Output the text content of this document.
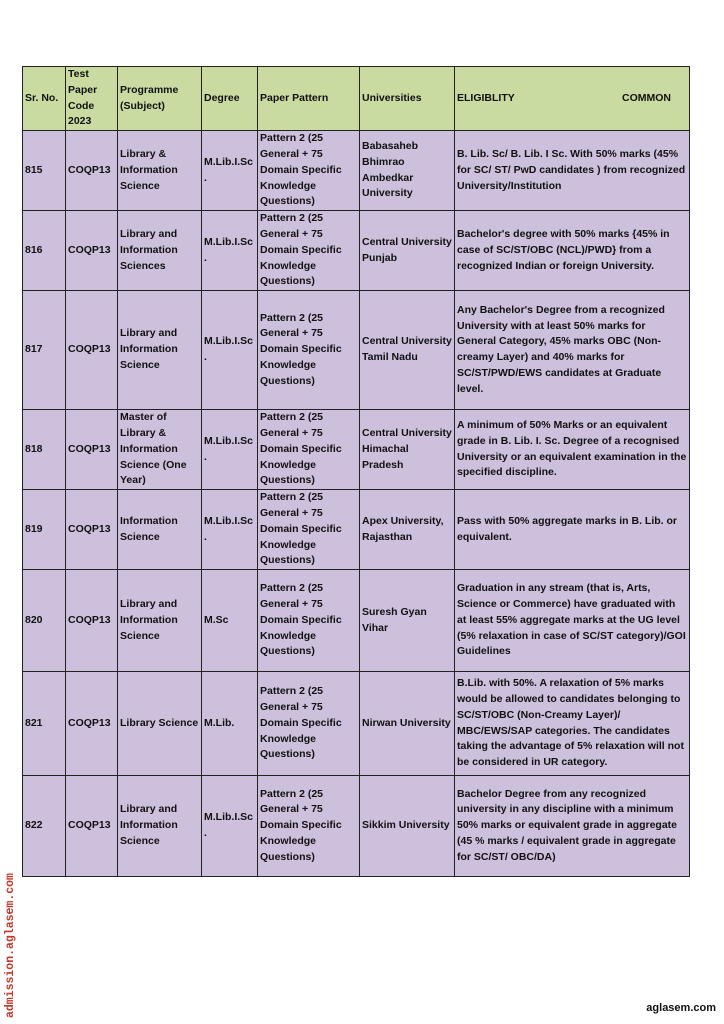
Sr. No.	Test Paper Code 2023	Programme (Subject)	Degree	Paper Pattern	Universities	ELIGIBLITY COMMON

815	COQP13	Library & Information Science	M.Lib.I.Sc .	Pattern 2 (25 General + 75 Domain Specific Knowledge Questions)	Babasaheb Bhimrao Ambedkar University	B. Lib. Sc/ B. Lib. I Sc. With 50% marks (45% for SC/ ST/ PwD candidates ) from recognized University/Institution
816	COQP13	Library and Information Sciences	M.Lib.I.Sc .	Pattern 2 (25 General + 75 Domain Specific Knowledge Questions)	Central University Punjab	Bachelor's degree with 50% marks {45% in case of SC/ST/OBC (NCL)/PWD} from a recognized Indian or foreign University.
817	COQP13	Library and Information Science	M.Lib.I.Sc .	Pattern 2 (25 General + 75 Domain Specific Knowledge Questions)	Central University Tamil Nadu	Any Bachelor's Degree from a recognized University with at least 50% marks for General Category, 45% marks OBC (Non-creamy Layer) and 40% marks for SC/ST/PWD/EWS candidates at Graduate level.
818	COQP13	Master of Library & Information Science (One Year)	M.Lib.I.Sc .	Pattern 2 (25 General + 75 Domain Specific Knowledge Questions)	Central University Himachal Pradesh	A minimum of 50% Marks or an equivalent grade in B. Lib. I. Sc. Degree of a recognised University or an equivalent examination in the specified discipline.
819	COQP13	Information Science	M.Lib.I.Sc .	Pattern 2 (25 General + 75 Domain Specific Knowledge Questions)	Apex University, Rajasthan	Pass with 50% aggregate marks in B. Lib. or equivalent.
820	COQP13	Library and Information Science	M.Sc	Pattern 2 (25 General + 75 Domain Specific Knowledge Questions)	Suresh Gyan Vihar	Graduation in any stream (that is, Arts, Science or Commerce) have graduated with at least 55% aggregate marks at the UG level (5% relaxation in case of SC/ST category)/GOI Guidelines
821	COQP13	Library Science	M.Lib.	Pattern 2 (25 General + 75 Domain Specific Knowledge Questions)	Nirwan University	B.Lib. with 50%. A relaxation of 5% marks would be allowed to candidates belonging to SC/ST/OBC (Non-Creamy Layer)/ MBC/EWS/SAP categories. The candidates taking the advantage of 5% relaxation will not be considered in UR category.
822	COQP13	Library and Information Science	M.Lib.I.Sc .	Pattern 2 (25 General + 75 Domain Specific Knowledge Questions)	Sikkim University	Bachelor Degree from any recognized university in any discipline with a minimum 50% marks or equivalent grade in aggregate (45 % marks / equivalent grade in aggregate for SC/ST/ OBC/DA)
admission.aglasem.com	aglasem.com
